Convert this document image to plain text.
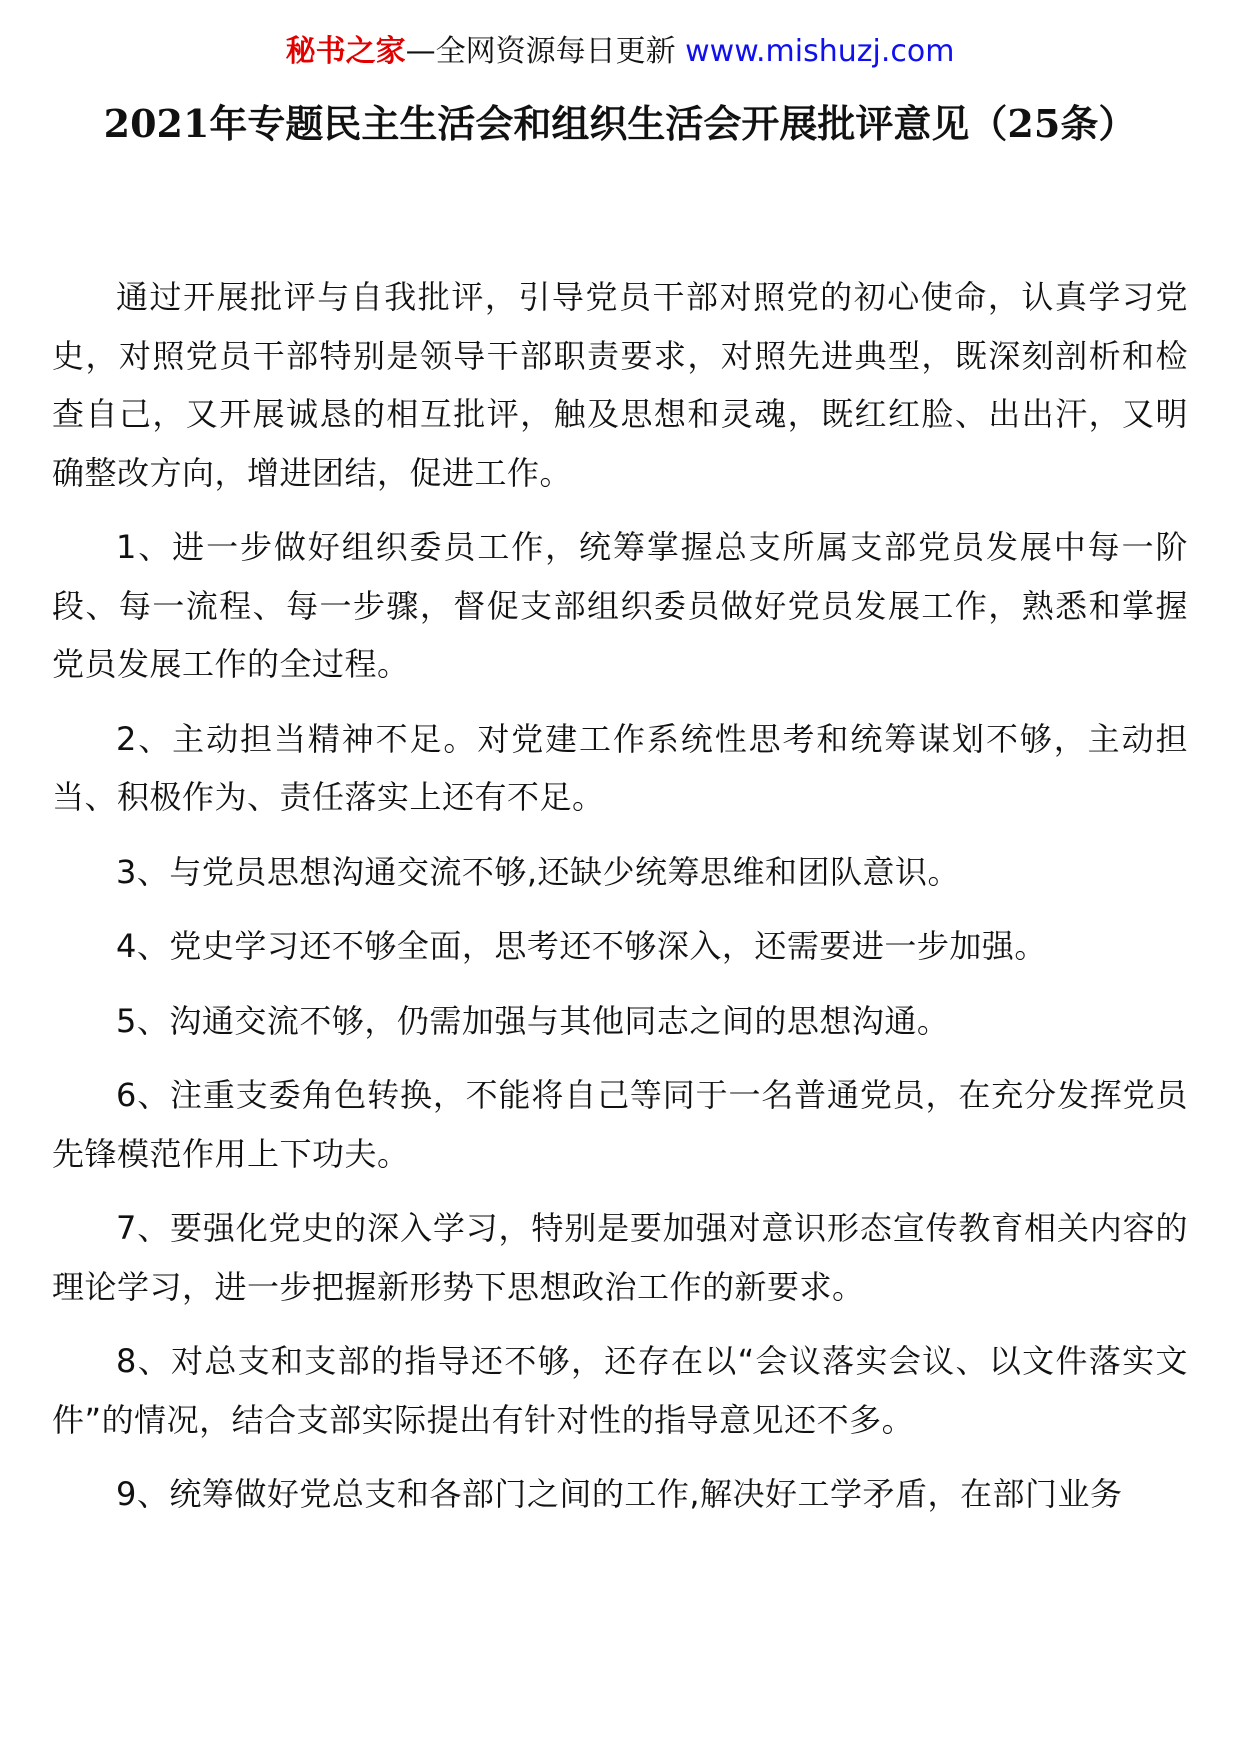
秘书之家—全网资源每日更新 www.mishuzj.com
2021年专题民主生活会和组织生活会开展批评意见（25条）

通过开展批评与自我批评，引导党员干部对照党的初心使命，认真学习党史，对照党员干部特别是领导干部职责要求，对照先进典型，既深刻剖析和检查自己，又开展诚恳的相互批评，触及思想和灵魂，既红红脸、出出汗，又明确整改方向，增进团结，促进工作。

1、进一步做好组织委员工作，统筹掌握总支所属支部党员发展中每一阶段、每一流程、每一步骤，督促支部组织委员做好党员发展工作，熟悉和掌握党员发展工作的全过程。

2、主动担当精神不足。对党建工作系统性思考和统筹谋划不够，主动担当、积极作为、责任落实上还有不足。

3、与党员思想沟通交流不够,还缺少统筹思维和团队意识。

4、党史学习还不够全面，思考还不够深入，还需要进一步加强。

5、沟通交流不够，仍需加强与其他同志之间的思想沟通。

6、注重支委角色转换，不能将自己等同于一名普通党员，在充分发挥党员先锋模范作用上下功夫。

7、要强化党史的深入学习，特别是要加强对意识形态宣传教育相关内容的理论学习，进一步把握新形势下思想政治工作的新要求。

8、对总支和支部的指导还不够，还存在以“会议落实会议、以文件落实文件”的情况，结合支部实际提出有针对性的指导意见还不多。

9、统筹做好党总支和各部门之间的工作,解决好工学矛盾，在部门业务
